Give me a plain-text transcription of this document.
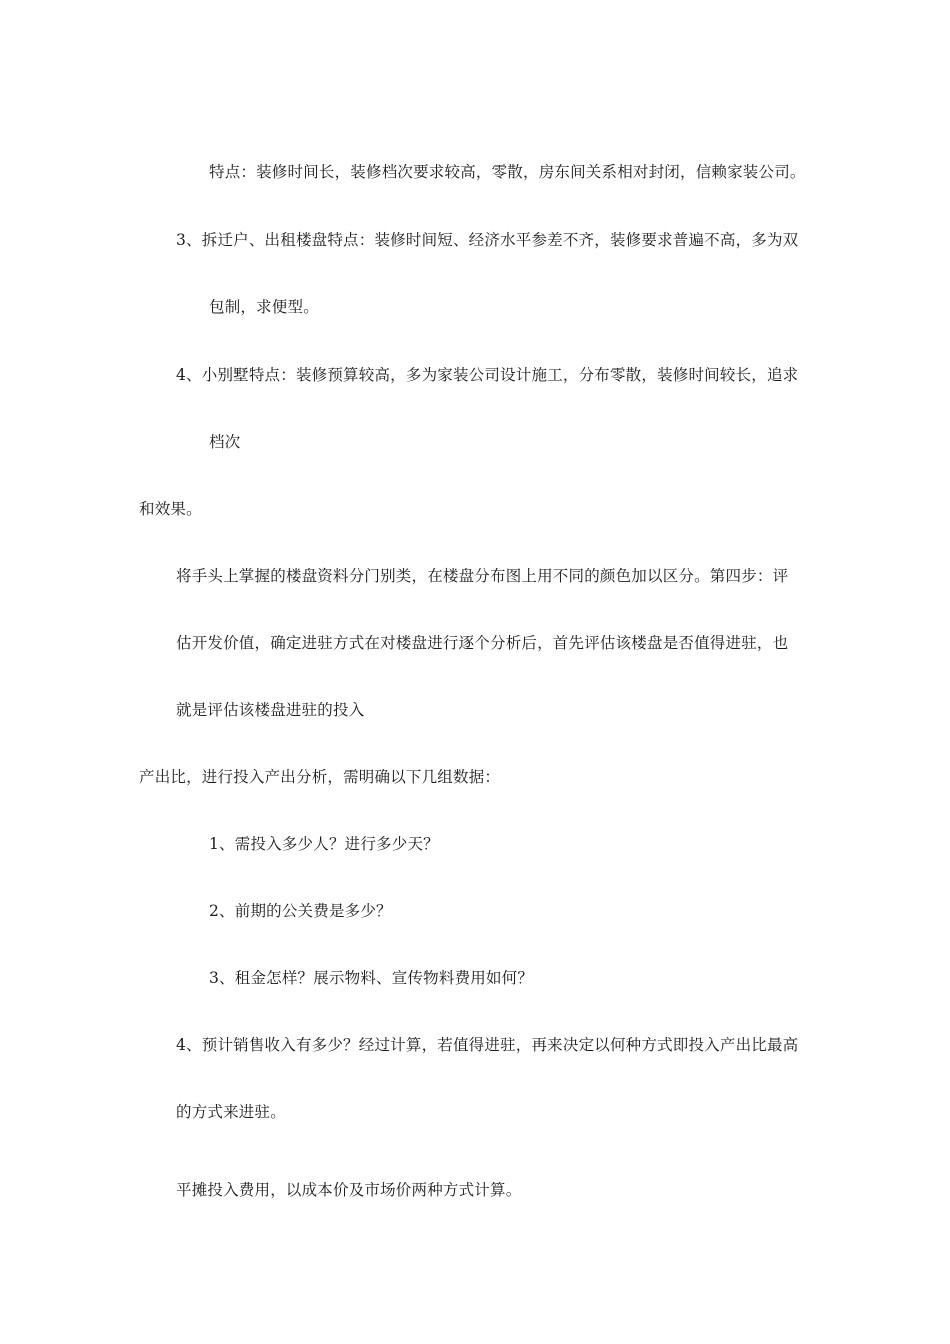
特点：装修时间长，装修档次要求较高，零散，房东间关系相对封闭，信赖家装公司。
3、拆迁户、出租楼盘特点：装修时间短、经济水平参差不齐，装修要求普遍不高，多为双
包制，求便型。
4、小别墅特点：装修预算较高，多为家装公司设计施工，分布零散，装修时间较长，追求
档次
和效果。
将手头上掌握的楼盘资料分门别类，在楼盘分布图上用不同的颜色加以区分。第四步：评
估开发价值，确定进驻方式在对楼盘进行逐个分析后，首先评估该楼盘是否值得进驻，也
就是评估该楼盘进驻的投入
产出比，进行投入产出分析，需明确以下几组数据：
1、需投入多少人？进行多少天？
2、前期的公关费是多少？
3、租金怎样？展示物料、宣传物料费用如何？
4、预计销售收入有多少？经过计算，若值得进驻，再来决定以何种方式即投入产出比最高
的方式来进驻。
平摊投入费用，以成本价及市场价两种方式计算。
